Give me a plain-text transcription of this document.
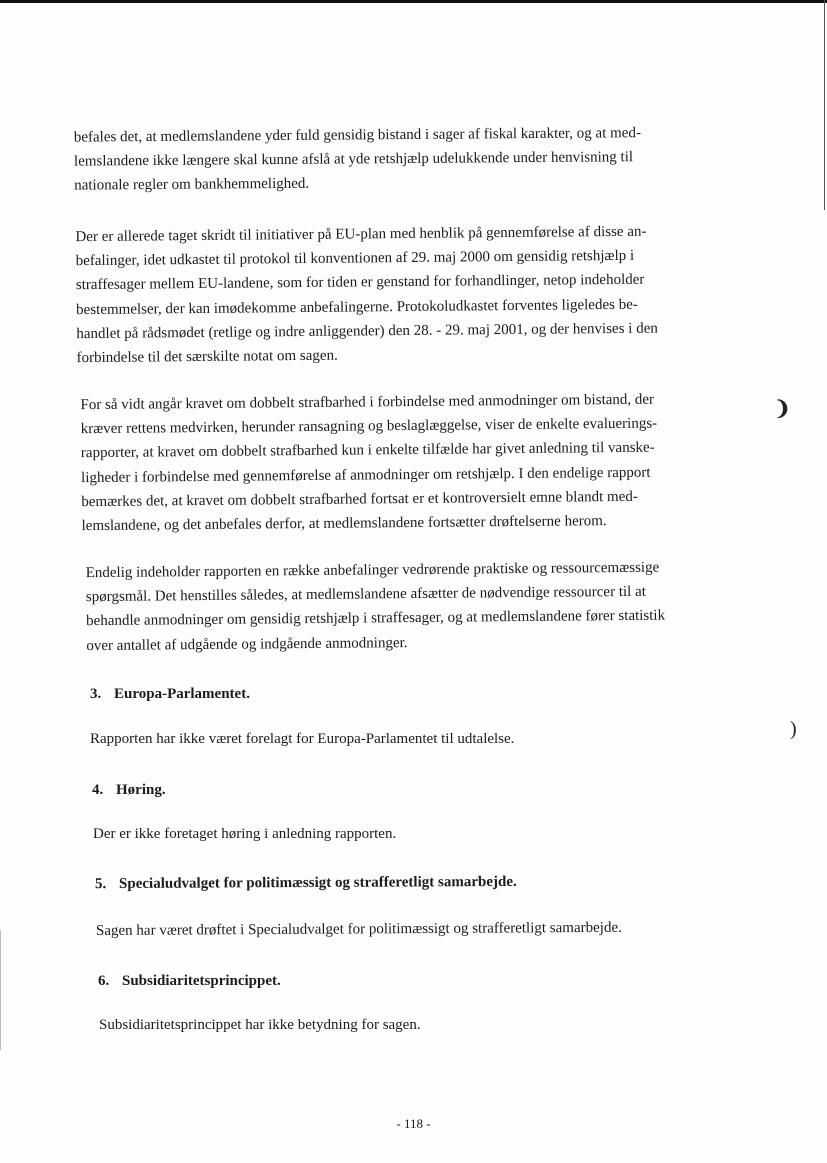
befales det, at medlemslandene yder fuld gensidig bistand i sager af fiskal karakter, og at med-
lemslandene ikke længere skal kunne afslå at yde retshjælp udelukkende under henvisning til
nationale regler om bankhemmelighed.

Der er allerede taget skridt til initiativer på EU-plan med henblik på gennemførelse af disse an-
befalinger, idet udkastet til protokol til konventionen af 29. maj 2000 om gensidig retshjælp i
straffesager mellem EU-landene, som for tiden er genstand for forhandlinger, netop indeholder
bestemmelser, der kan imødekomme anbefalingerne. Protokoludkastet forventes ligeledes be-
handlet på rådsmødet (retlige og indre anliggender) den 28. - 29. maj 2001, og der henvises i den
forbindelse til det særskilte notat om sagen.

For så vidt angår kravet om dobbelt strafbarhed i forbindelse med anmodninger om bistand, der
kræver rettens medvirken, herunder ransagning og beslaglæggelse, viser de enkelte evaluerings-
rapporter, at kravet om dobbelt strafbarhed kun i enkelte tilfælde har givet anledning til vanske-
ligheder i forbindelse med gennemførelse af anmodninger om retshjælp. I den endelige rapport
bemærkes det, at kravet om dobbelt strafbarhed fortsat er et kontroversielt emne blandt med-
lemslandene, og det anbefales derfor, at medlemslandene fortsætter drøftelserne herom.

Endelig indeholder rapporten en række anbefalinger vedrørende praktiske og ressourcemæssige
spørgsmål. Det henstilles således, at medlemslandene afsætter de nødvendige ressourcer til at
behandle anmodninger om gensidig retshjælp i straffesager, og at medlemslandene fører statistik
over antallet af udgående og indgående anmodninger.

3. Europa-Parlamentet.

Rapporten har ikke været forelagt for Europa-Parlamentet til udtalelse.

4. Høring.

Der er ikke foretaget høring i anledning rapporten.

5. Specialudvalget for politimæssigt og strafferetligt samarbejde.

Sagen har været drøftet i Specialudvalget for politimæssigt og strafferetligt samarbejde.

6. Subsidiaritetsprincippet.

Subsidiaritetsprincippet har ikke betydning for sagen.

❩
)
- 118 -
